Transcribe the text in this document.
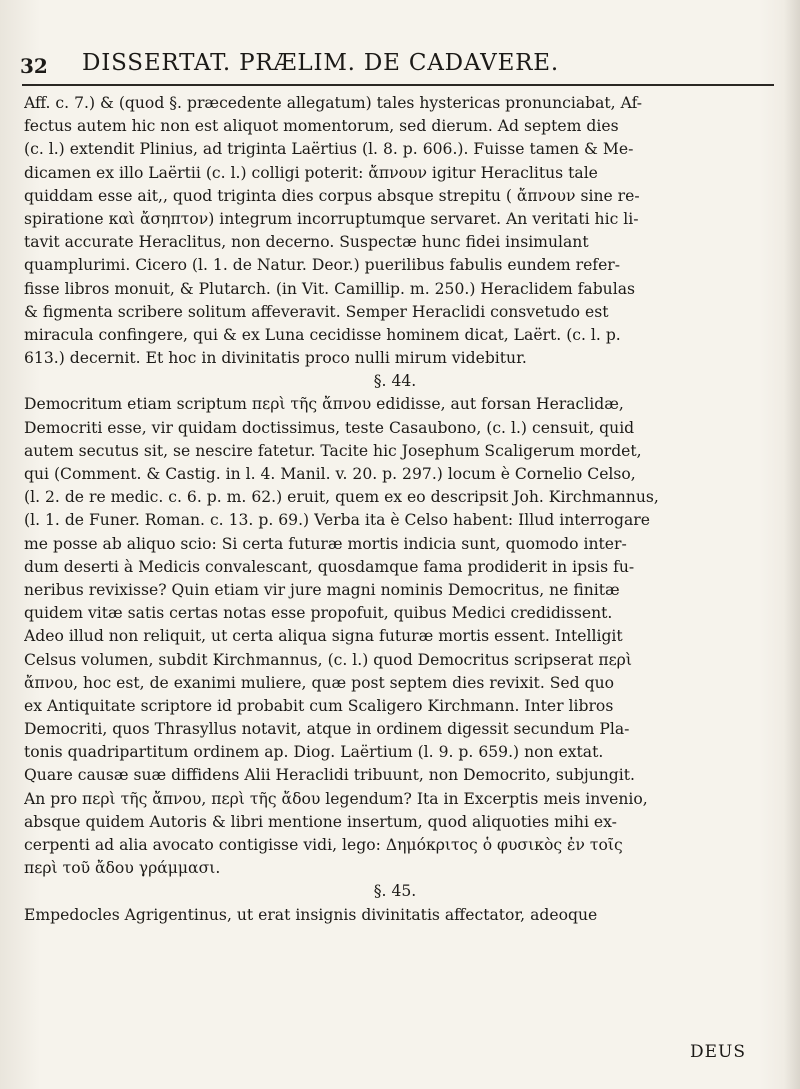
32 DISSERTAT. PRÆLIM. DE CADAVERE.
Aff. c. 7.) & (quod §. præcedente allegatum) tales hystericas pronunciabat, Af-
fectus autem hic non est aliquot momentorum, sed dierum. Ad septem dies
(c. l.) extendit Plinius, ad triginta Laërtius (l. 8. p. 606.). Fuisse tamen & Me-
dicamen ex illo Laërtii (c. l.) colligi poterit: ἄπνουν igitur Heraclitus tale
quiddam esse ait,, quod triginta dies corpus absque strepitu ( ἄπνουν sine re-
spiratione καὶ ἄσηπτον) integrum incorruptumque servaret. An veritati hic li-
tavit accurate Heraclitus, non decerno. Suspectæ hunc fidei insimulant
quamplurimi. Cicero (l. 1. de Natur. Deor.) puerilibus fabulis eundem refer-
fisse libros monuit, & Plutarch. (in Vit. Camillip. m. 250.) Heraclidem fabulas
& figmenta scribere solitum affeveravit. Semper Heraclidi consvetudo est
miracula confingere, qui & ex Luna cecidisse hominem dicat, Laërt. (c. l. p.
613.) decernit. Et hoc in divinitatis proco nulli mirum videbitur.
§. 44.
Democritum etiam scriptum περὶ τῆς ἄπνου edidisse, aut forsan Heraclidæ,
Democriti esse, vir quidam doctissimus, teste Casaubono, (c. l.) censuit, quid
autem secutus sit, se nescire fatetur. Tacite hic Josephum Scaligerum mordet,
qui (Comment. & Castig. in l. 4. Manil. v. 20. p. 297.) locum è Cornelio Celso,
(l. 2. de re medic. c. 6. p. m. 62.) eruit, quem ex eo descripsit Joh. Kirchmannus,
(l. 1. de Funer. Roman. c. 13. p. 69.) Verba ita è Celso habent: Illud interrogare
me posse ab aliquo scio: Si certa futuræ mortis indicia sunt, quomodo inter-
dum deserti à Medicis convalescant, quosdamque fama prodiderit in ipsis fu-
neribus revixisse? Quin etiam vir jure magni nominis Democritus, ne finitæ
quidem vitæ satis certas notas esse propofuit, quibus Medici credidissent.
Adeo illud non reliquit, ut certa aliqua signa futuræ mortis essent. Intelligit
Celsus volumen, subdit Kirchmannus, (c. l.) quod Democritus scripserat περὶ
ἄπνου, hoc est, de exanimi muliere, quæ post septem dies revixit. Sed quo
ex Antiquitate scriptore id probabit cum Scaligero Kirchmann. Inter libros
Democriti, quos Thrasyllus notavit, atque in ordinem digessit secundum Pla-
tonis quadripartitum ordinem ap. Diog. Laërtium (l. 9. p. 659.) non extat.
Quare causæ suæ diffidens Alii Heraclidi tribuunt, non Democrito, subjungit.
An pro περὶ τῆς ἄπνου, περὶ τῆς ἄδου legendum? Ita in Excerptis meis invenio,
absque quidem Autoris & libri mentione insertum, quod aliquoties mihi ex-
cerpenti ad alia avocato contigisse vidi, lego: Δημόκριτος ὁ φυσικὸς ἐν τοῖς
περὶ τοῦ ἄδου γράμμασι.
§. 45.
Empedocles Agrigentinus, ut erat insignis divinitatis affectator, adeoque
DEUS
